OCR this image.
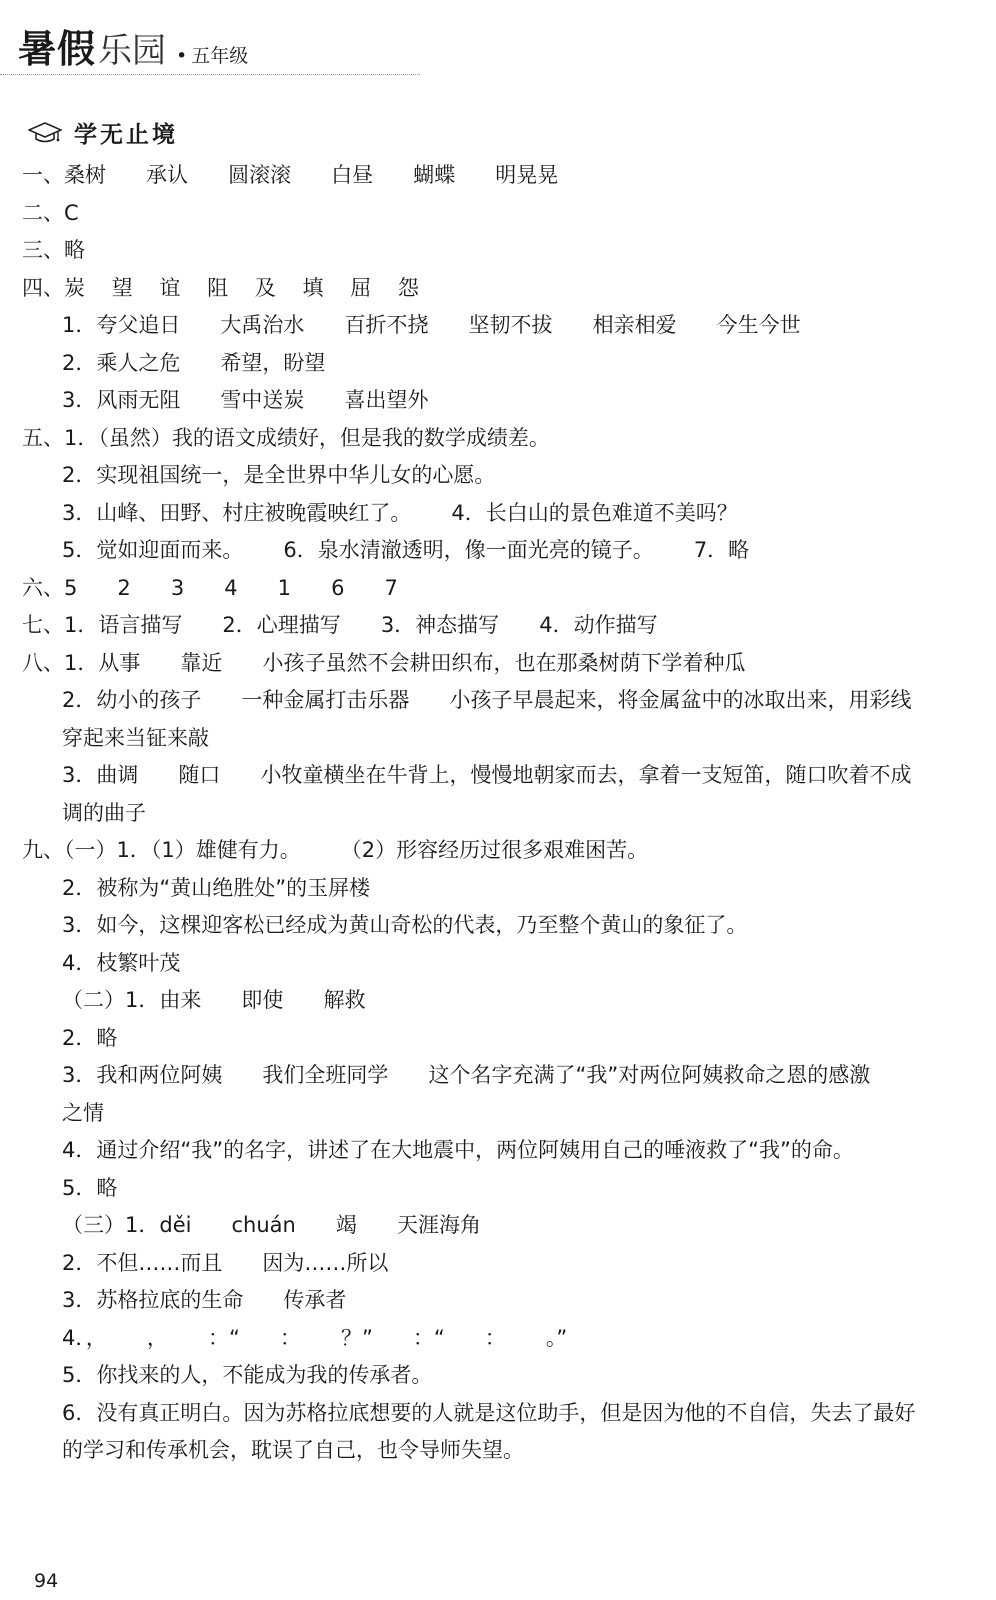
暑假 乐园
•	五年级
学无止境
一、桑树      承认      圆滚滚      白昼      蝴蝶      明晃晃
二、C
三、略
四、炭    望    谊    阻    及    填    屈    怨
1．夸父追日      大禹治水      百折不挠      坚韧不拔      相亲相爱      今生今世
2．乘人之危      希望，盼望
3．风雨无阻      雪中送炭      喜出望外
五、1．（虽然）我的语文成绩好，但是我的数学成绩差。
2．实现祖国统一，是全世界中华儿女的心愿。
3．山峰、田野、村庄被晚霞映红了。      4．长白山的景色难道不美吗？
5．觉如迎面而来。      6．泉水清澈透明，像一面光亮的镜子。      7．略
六、5      2      3      4      1      6      7
七、1．语言描写      2．心理描写      3．神态描写      4．动作描写
八、1．从事      靠近      小孩子虽然不会耕田织布，也在那桑树荫下学着种瓜
2．幼小的孩子      一种金属打击乐器      小孩子早晨起来，将金属盆中的冰取出来，用彩线
穿起来当钲来敲
3．曲调      随口      小牧童横坐在牛背上，慢慢地朝家而去，拿着一支短笛，随口吹着不成
调的曲子
九、（一）1．（1）雄健有力。      （2）形容经历过很多艰难困苦。
2．被称为“黄山绝胜处”的玉屏楼
3．如今，这棵迎客松已经成为黄山奇松的代表，乃至整个黄山的象征了。
4．枝繁叶茂
（二）1．由来      即使      解救
2．略
3．我和两位阿姨      我们全班同学      这个名字充满了“我”对两位阿姨救命之恩的感激
之情
4．通过介绍“我”的名字，讲述了在大地震中，两位阿姨用自己的唾液救了“我”的命。
5．略
（三）1．děi      chuán      竭      天涯海角
2．不但……而且      因为……所以
3．苏格拉底的生命      传承者
4．，      ，      ：“      ：      ？”      ：“      ：      。”
5．你找来的人，不能成为我的传承者。
6．没有真正明白。因为苏格拉底想要的人就是这位助手，但是因为他的不自信，失去了最好
的学习和传承机会，耽误了自己，也令导师失望。
94
